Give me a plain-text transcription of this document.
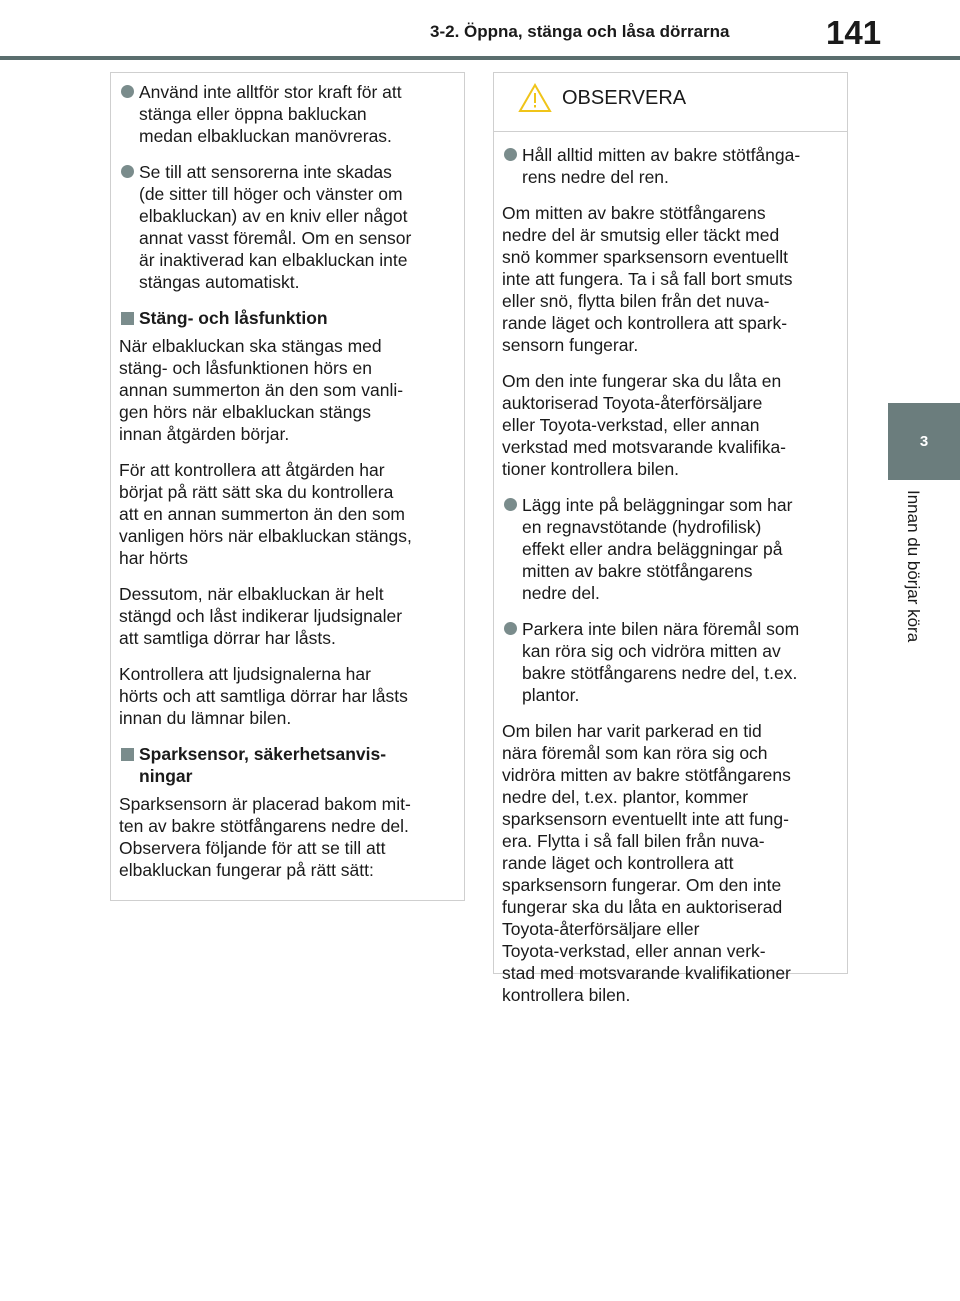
3-2. Öppna, stänga och låsa dörrarna	141
3
Innan du börjar köra
Använd inte alltför stor kraft för att
stänga eller öppna bakluckan
medan elbakluckan manövreras.
Se till att sensorerna inte skadas
(de sitter till höger och vänster om
elbakluckan) av en kniv eller något
annat vasst föremål. Om en sensor
är inaktiverad kan elbakluckan inte
stängas automatiskt.
Stäng- och låsfunktion
När elbakluckan ska stängas med
stäng- och låsfunktionen hörs en
annan summerton än den som vanli-
gen hörs när elbakluckan stängs
innan åtgärden börjar.
För att kontrollera att åtgärden har
börjat på rätt sätt ska du kontrollera
att en annan summerton än den som
vanligen hörs när elbakluckan stängs,
har hörts
Dessutom, när elbakluckan är helt
stängd och låst indikerar ljudsignaler
att samtliga dörrar har låsts.
Kontrollera att ljudsignalerna har
hörts och att samtliga dörrar har låsts
innan du lämnar bilen.
Sparksensor, säkerhetsanvis-
ningar
Sparksensorn är placerad bakom mit-
ten av bakre stötfångarens nedre del.
Observera följande för att se till att
elbakluckan fungerar på rätt sätt:
OBSERVERA
Håll alltid mitten av bakre stötfånga-
rens nedre del ren.
Om mitten av bakre stötfångarens
nedre del är smutsig eller täckt med
snö kommer sparksensorn eventuellt
inte att fungera. Ta i så fall bort smuts
eller snö, flytta bilen från det nuva-
rande läget och kontrollera att spark-
sensorn fungerar.
Om den inte fungerar ska du låta en
auktoriserad Toyota-återförsäljare
eller Toyota-verkstad, eller annan
verkstad med motsvarande kvalifika-
tioner kontrollera bilen.
Lägg inte på beläggningar som har
en regnavstötande (hydrofilisk)
effekt eller andra beläggningar på
mitten av bakre stötfångarens
nedre del.
Parkera inte bilen nära föremål som
kan röra sig och vidröra mitten av
bakre stötfångarens nedre del, t.ex.
plantor.
Om bilen har varit parkerad en tid
nära föremål som kan röra sig och
vidröra mitten av bakre stötfångarens
nedre del, t.ex. plantor, kommer
sparksensorn eventuellt inte att fung-
era. Flytta i så fall bilen från nuva-
rande läget och kontrollera att
sparksensorn fungerar. Om den inte
fungerar ska du låta en auktoriserad
Toyota-återförsäljare eller
Toyota-verkstad, eller annan verk-
stad med motsvarande kvalifikationer
kontrollera bilen.
